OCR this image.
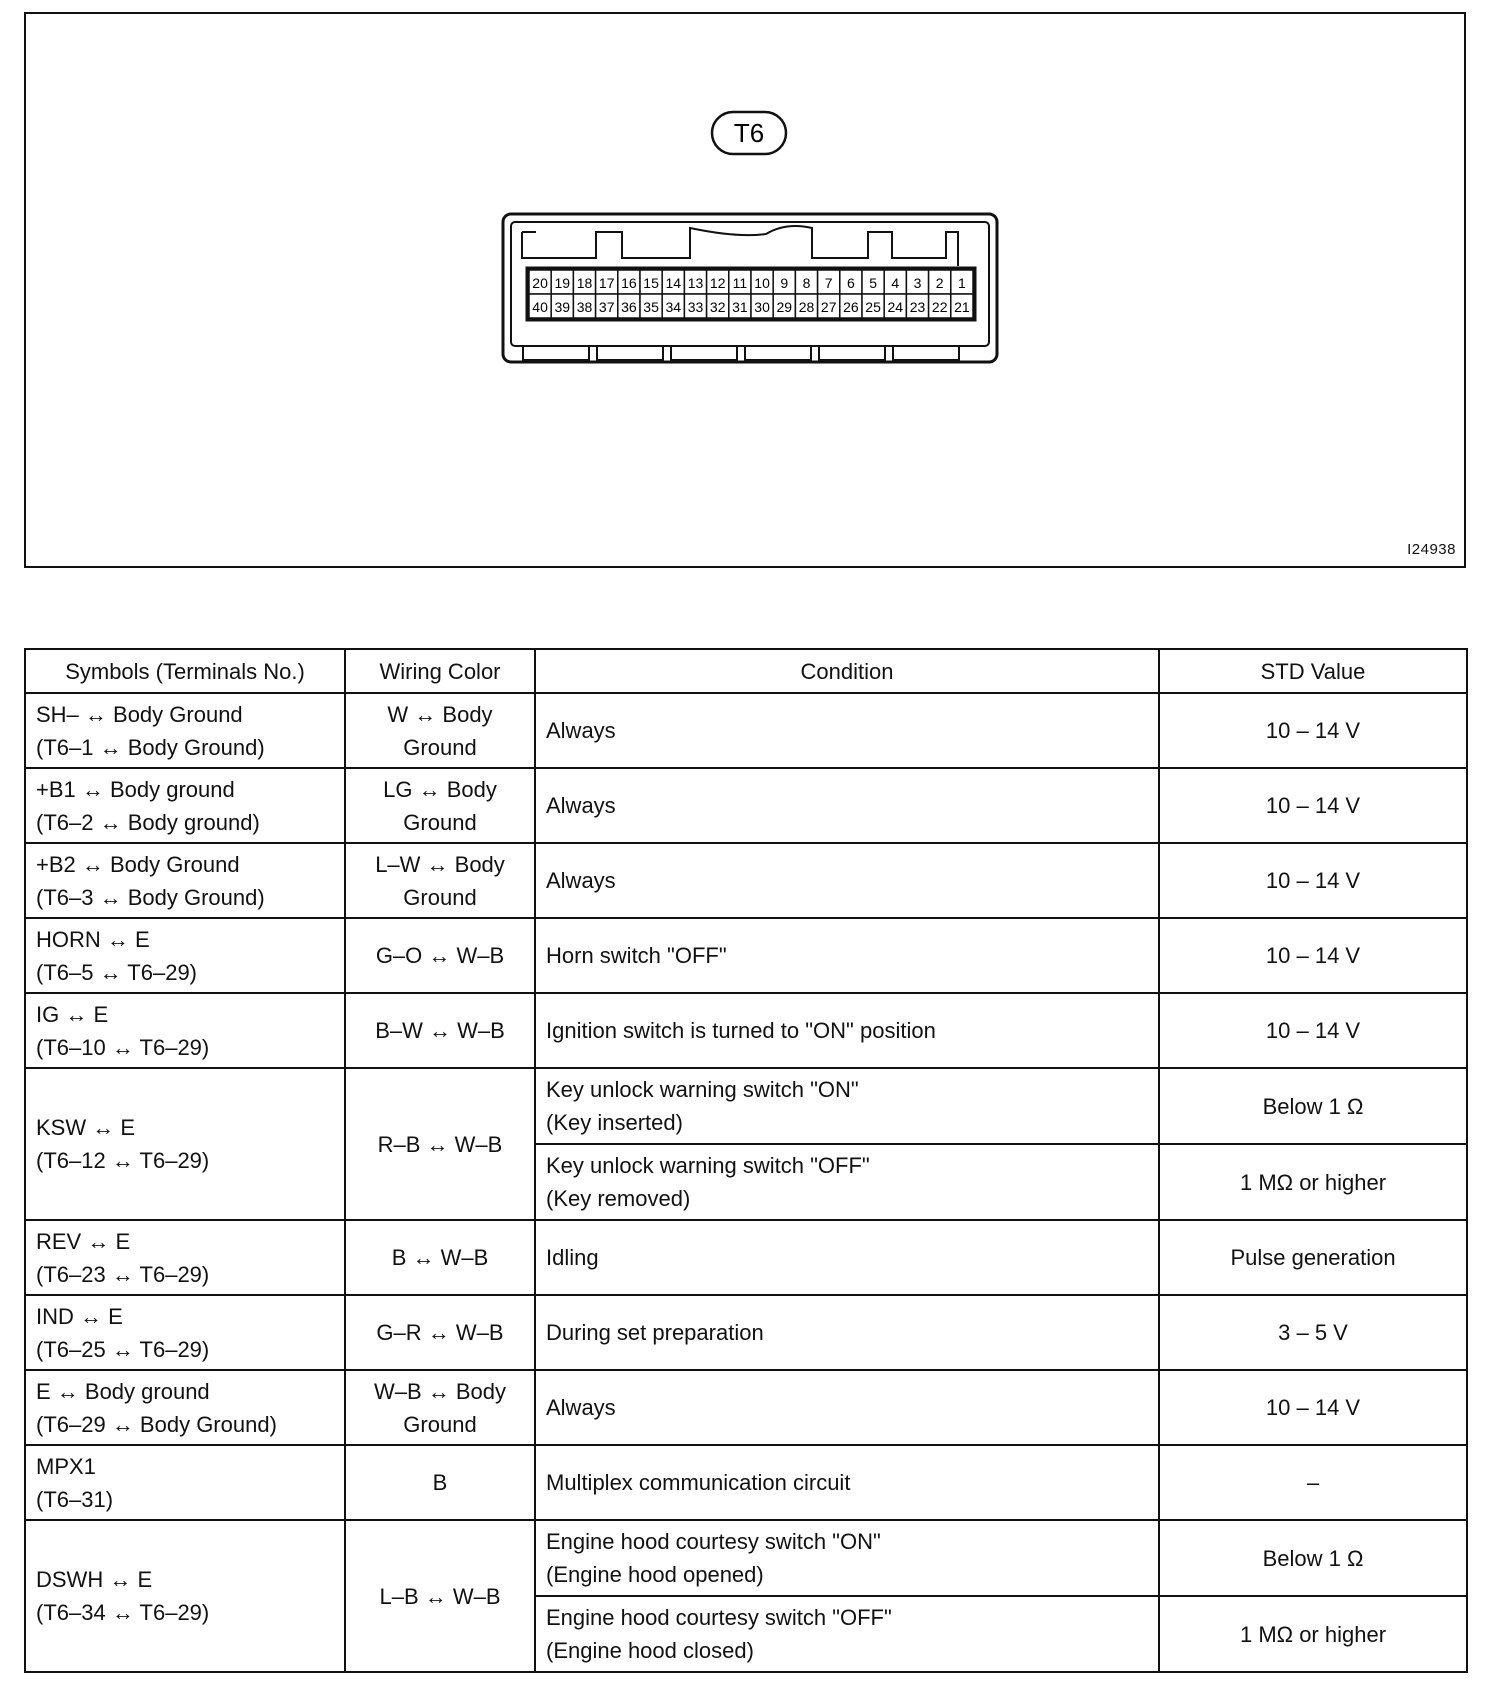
T6
20 19 18 17 16 15 14 13 12 11 10 9 8 7 6 5 4 3 2 1
40 39 38 37 36 35 34 33 32 31 30 29 28 27 26 25 24 23 22 21
I24938
Symbols (Terminals No.)	Wiring Color	Condition	STD Value

SH– ↔ Body Ground
(T6–1 ↔ Body Ground)	W ↔ Body
Ground	Always	10 – 14 V

+B1 ↔ Body ground
(T6–2 ↔ Body ground)	LG ↔ Body
Ground	Always	10 – 14 V

+B2 ↔ Body Ground
(T6–3 ↔ Body Ground)	L–W ↔ Body
Ground	Always	10 – 14 V

HORN ↔ E
(T6–5 ↔ T6–29)	G–O ↔ W–B	Horn switch "OFF"	10 – 14 V

IG ↔ E
(T6–10 ↔ T6–29)	B–W ↔ W–B	Ignition switch is turned to "ON" position	10 – 14 V

KSW ↔ E
(T6–12 ↔ T6–29)	R–B ↔ W–B	Key unlock warning switch "ON"
(Key inserted)	Below 1 Ω

		Key unlock warning switch "OFF"
(Key removed)	1 MΩ or higher

REV ↔ E
(T6–23 ↔ T6–29)	B ↔ W–B	Idling	Pulse generation

IND ↔ E
(T6–25 ↔ T6–29)	G–R ↔ W–B	During set preparation	3 – 5 V

E ↔ Body ground
(T6–29 ↔ Body Ground)	W–B ↔ Body
Ground	Always	10 – 14 V

MPX1
(T6–31)	B	Multiplex communication circuit	–

DSWH ↔ E
(T6–34 ↔ T6–29)	L–B ↔ W–B	Engine hood courtesy switch "ON"
(Engine hood opened)	Below 1 Ω

		Engine hood courtesy switch "OFF"
(Engine hood closed)	1 MΩ or higher
